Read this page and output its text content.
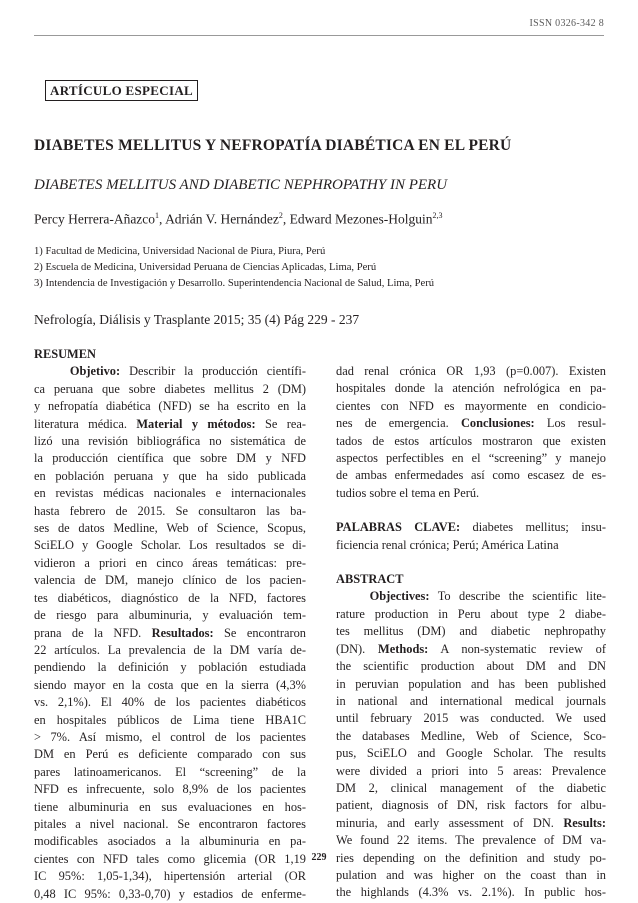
ISSN 0326-342 8
ARTÍCULO ESPECIAL
DIABETES MELLITUS Y NEFROPATÍA DIABÉTICA EN EL PERÚ
DIABETES MELLITUS AND DIABETIC NEPHROPATHY IN PERU
Percy Herrera-Añazco$^1$, Adrián V. Hernández$^2$, Edward Mezones-Holguin$^{2,3}$
1) Facultad de Medicina, Universidad Nacional de Piura, Piura, Perú
2) Escuela de Medicina, Universidad Peruana de Ciencias Aplicadas, Lima, Perú
3) Intendencia de Investigación y Desarrollo. Superintendencia Nacional de Salud, Lima, Perú
Nefrología, Diálisis y Trasplante 2015; 35 (4) Pág 229 - 237
RESUMEN
Objetivo: Describir la producción científi-
ca peruana que sobre diabetes mellitus 2 (DM)
y nefropatía diabética (NFD) se ha escrito en la
literatura médica. Material y métodos: Se rea-
lizó una revisión bibliográfica no sistemática de
la producción científica que sobre DM y NFD
en población peruana y que ha sido publicada
en revistas médicas nacionales e internacionales
hasta febrero de 2015. Se consultaron las ba-
ses de datos Medline, Web of Science, Scopus,
SciELO y Google Scholar. Los resultados se di-
vidieron a priori en cinco áreas temáticas: pre-
valencia de DM, manejo clínico de los pacien-
tes diabéticos, diagnóstico de la NFD, factores
de riesgo para albuminuria, y evaluación tem-
prana de la NFD. Resultados: Se encontraron
22 artículos. La prevalencia de la DM varía de-
pendiendo la definición y población estudiada
siendo mayor en la costa que en la sierra (4,3%
vs. 2,1%). El 40% de los pacientes diabéticos
en hospitales públicos de Lima tiene HBA1C
> 7%. Así mismo, el control de los pacientes
DM en Perú es deficiente comparado con sus
pares latinoamericanos. El “screening” de la
NFD es infrecuente, solo 8,9% de los pacientes
tiene albuminuria en sus evaluaciones en hos-
pitales a nivel nacional. Se encontraron factores
modificables asociados a la albuminuria en pa-
cientes con NFD tales como glicemia (OR 1,19
IC 95%: 1,05-1,34), hipertensión arterial (OR
0,48 IC 95%: 0,33-0,70) y estadios de enferme-
dad renal crónica OR 1,93 (p=0.007). Existen
hospitales donde la atención nefrológica en pa-
cientes con NFD es mayormente en condicio-
nes de emergencia. Conclusiones: Los resul-
tados de estos artículos mostraron que existen
aspectos perfectibles en el “screening” y manejo
de ambas enfermedades así como escasez de es-
tudios sobre el tema en Perú.
PALABRAS CLAVE: diabetes mellitus; insu-
ficiencia renal crónica; Perú; América Latina
ABSTRACT
Objectives: To describe the scientific lite-
rature production in Peru about type 2 diabe-
tes mellitus (DM) and diabetic nephropathy
(DN). Methods: A non-systematic review of
the scientific production about DM and DN
in peruvian population and has been published
in national and international medical journals
until february 2015 was conducted. We used
the databases Medline, Web of Science, Sco-
pus, SciELO and Google Scholar. The results
were divided a priori into 5 areas: Prevalence
DM 2, clinical management of the diabetic
patient, diagnosis of DN, risk factors for albu-
minuria, and early assessment of DN. Results:
We found 22 items. The prevalence of DM va-
ries depending on the definition and study po-
pulation and was higher on the coast than in
the highlands (4.3% vs. 2.1%). In public hos-
229
